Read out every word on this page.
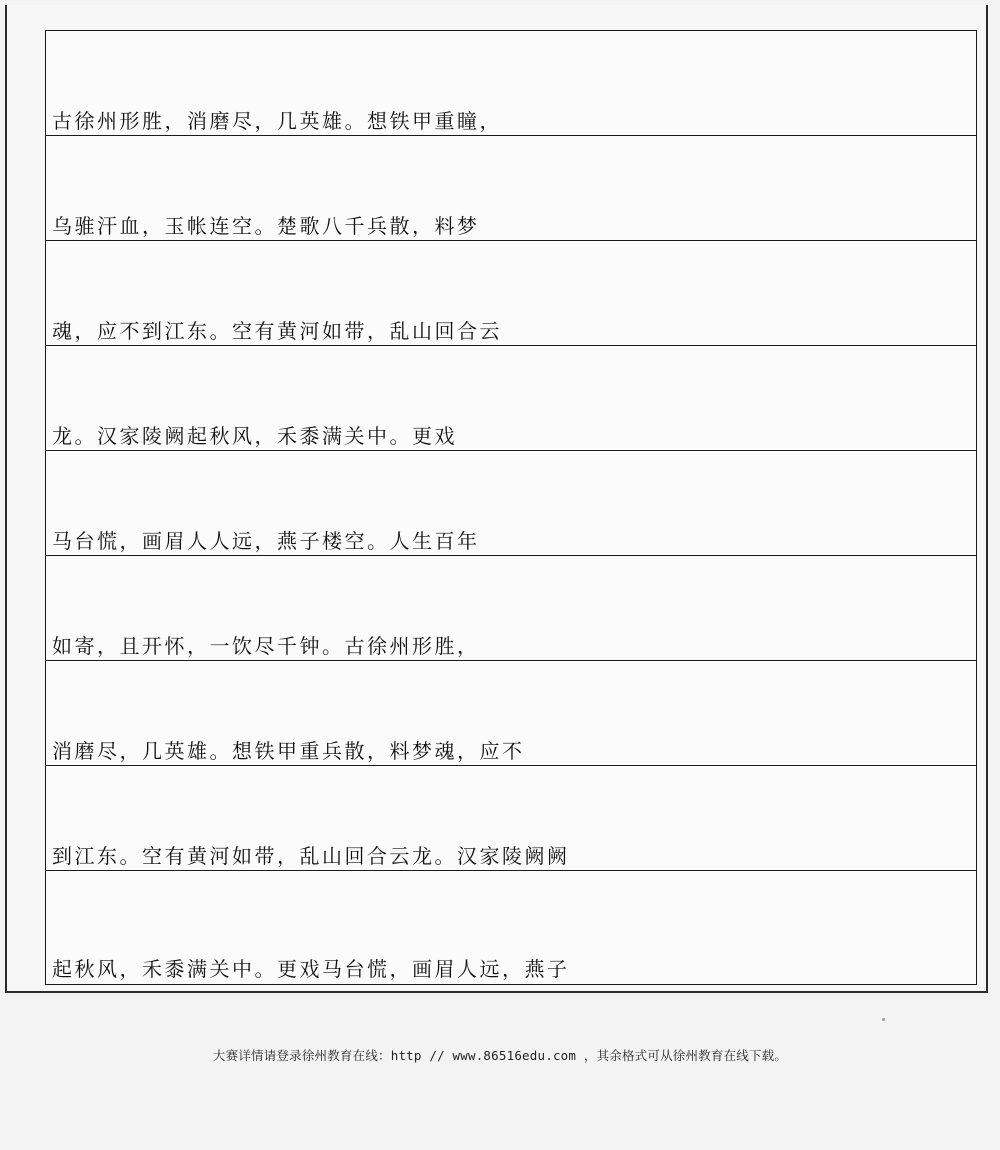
古徐州形胜，消磨尽，几英雄。想铁甲重瞳，
乌骓汗血，玉帐连空。楚歌八千兵散，料梦
魂，应不到江东。空有黄河如带，乱山回合云
龙。汉家陵阙起秋风，禾黍满关中。更戏
马台慌，画眉人人远，燕子楼空。人生百年
如寄，且开怀，一饮尽千钟。古徐州形胜，
消磨尽，几英雄。想铁甲重兵散，料梦魂，应不
到江东。空有黄河如带，乱山回合云龙。汉家陵阙阙
起秋风，禾黍满关中。更戏马台慌，画眉人远，燕子
大赛详情请登录徐州教育在线：http // www.86516edu.com ，其余格式可从徐州教育在线下载。
